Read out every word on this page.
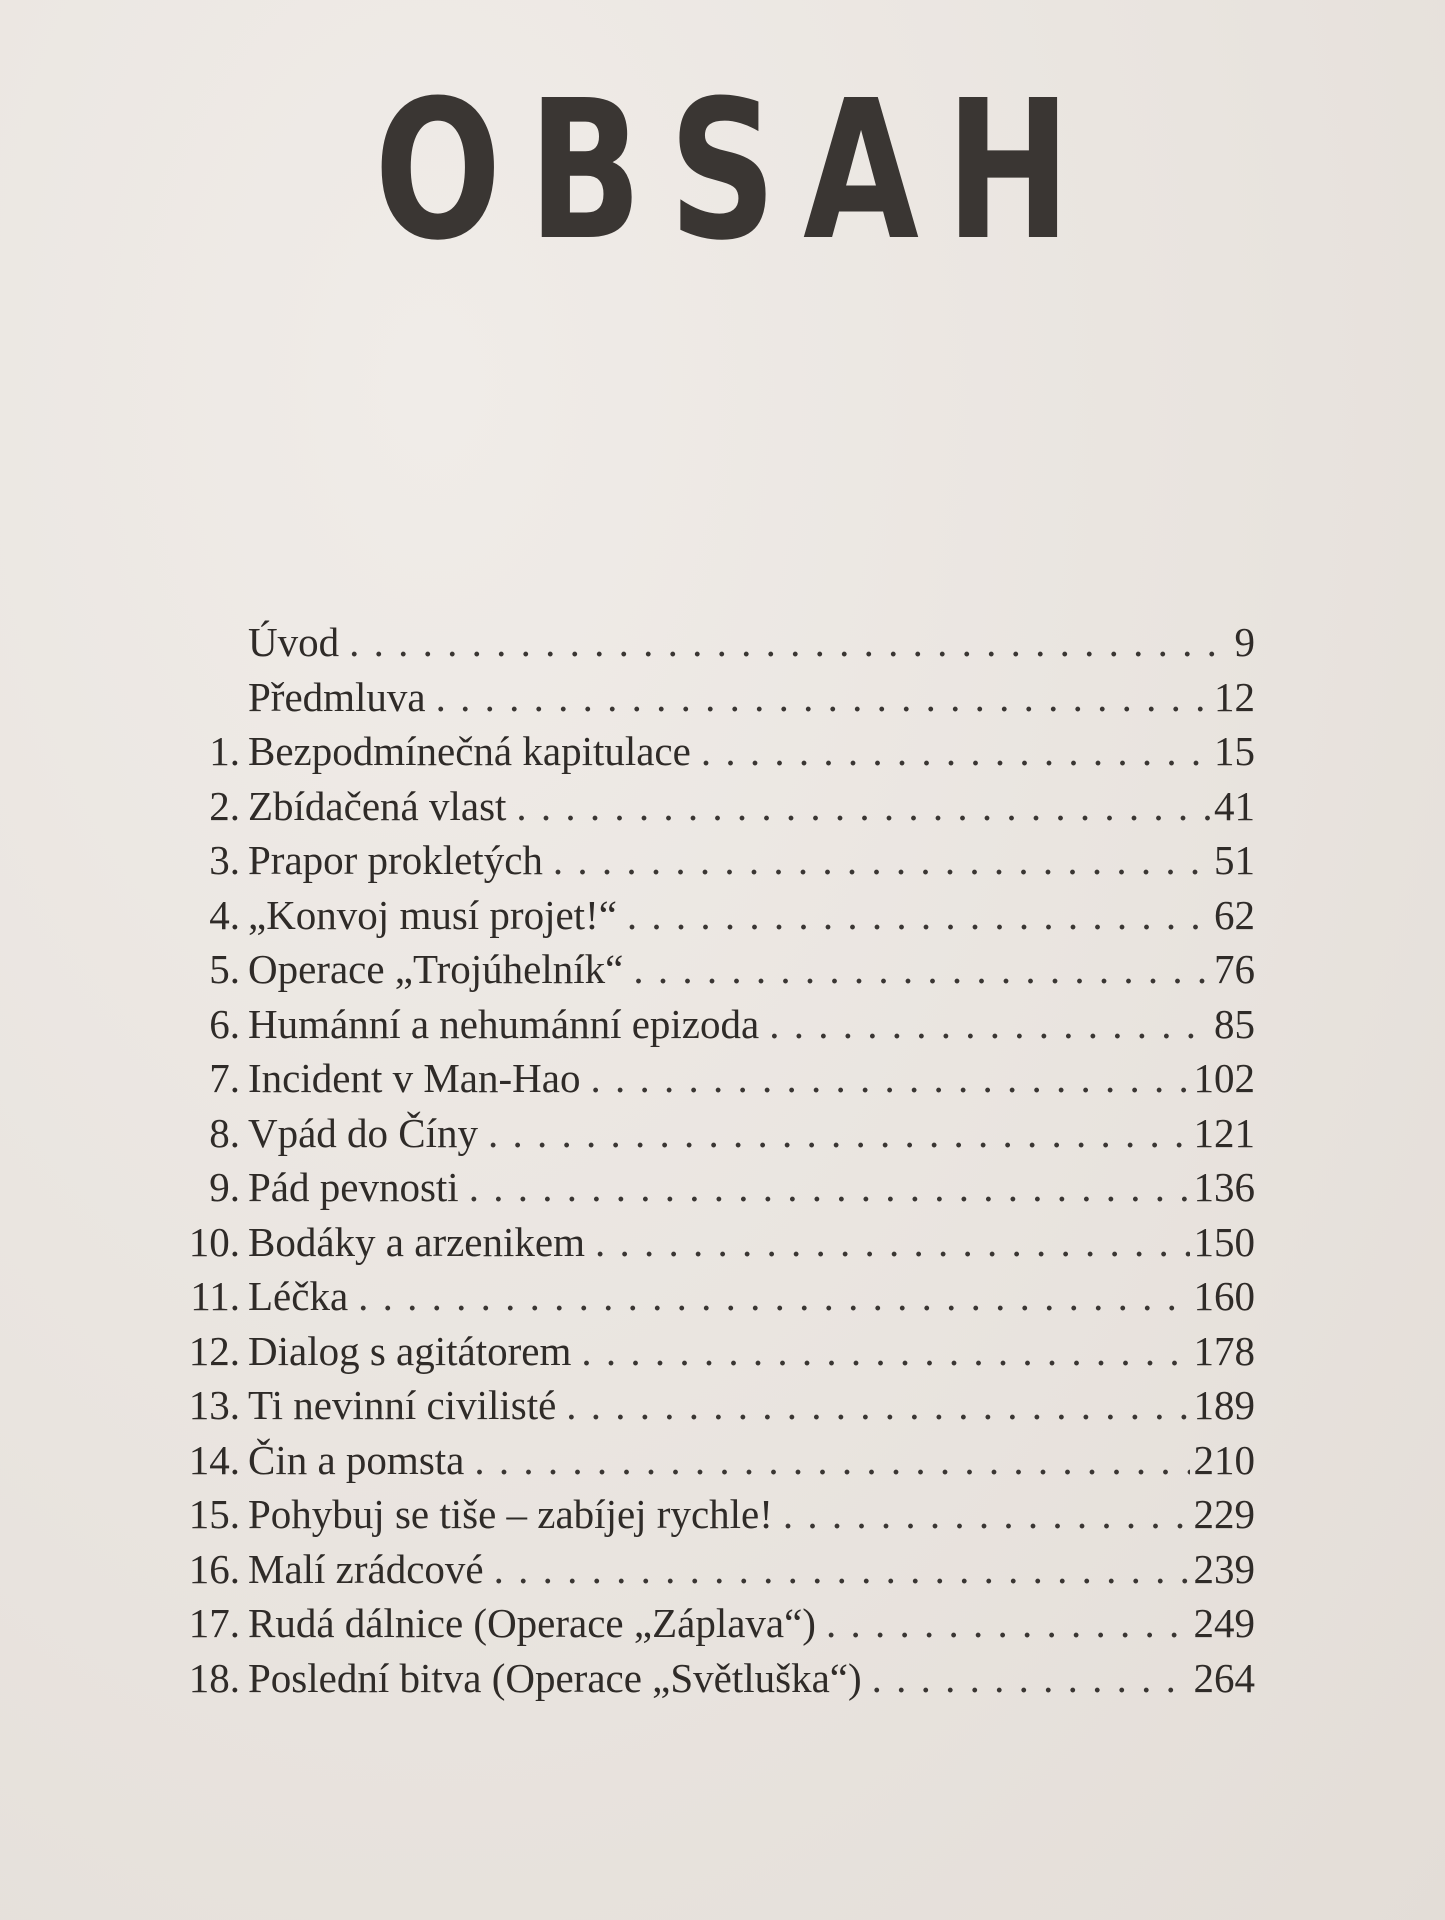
OBSAH
Úvod . . .	9
Předmluva . . .	12
1. Bezpodmínečná kapitulace . . .	15
2. Zbídačená vlast . . .	41
3. Prapor prokletých . . .	51
4. „Konvoj musí projet!“ . . .	62
5. Operace „Trojúhelník“ . . .	76
6. Humánní a nehumánní epizoda . . .	85
7. Incident v Man-Hao . . .	102
8. Vpád do Číny . . .	121
9. Pád pevnosti . . .	136
10. Bodáky a arzenikem . . .	150
11. Léčka . . .	160
12. Dialog s agitátorem . . .	178
13. Ti nevinní civilisté . . .	189
14. Čin a pomsta . . .	210
15. Pohybuj se tiše – zabíjej rychle! . . .	229
16. Malí zrádcové . . .	239
17. Rudá dálnice (Operace „Záplava“) . . .	249
18. Poslední bitva (Operace „Světluška“) . . .	264
